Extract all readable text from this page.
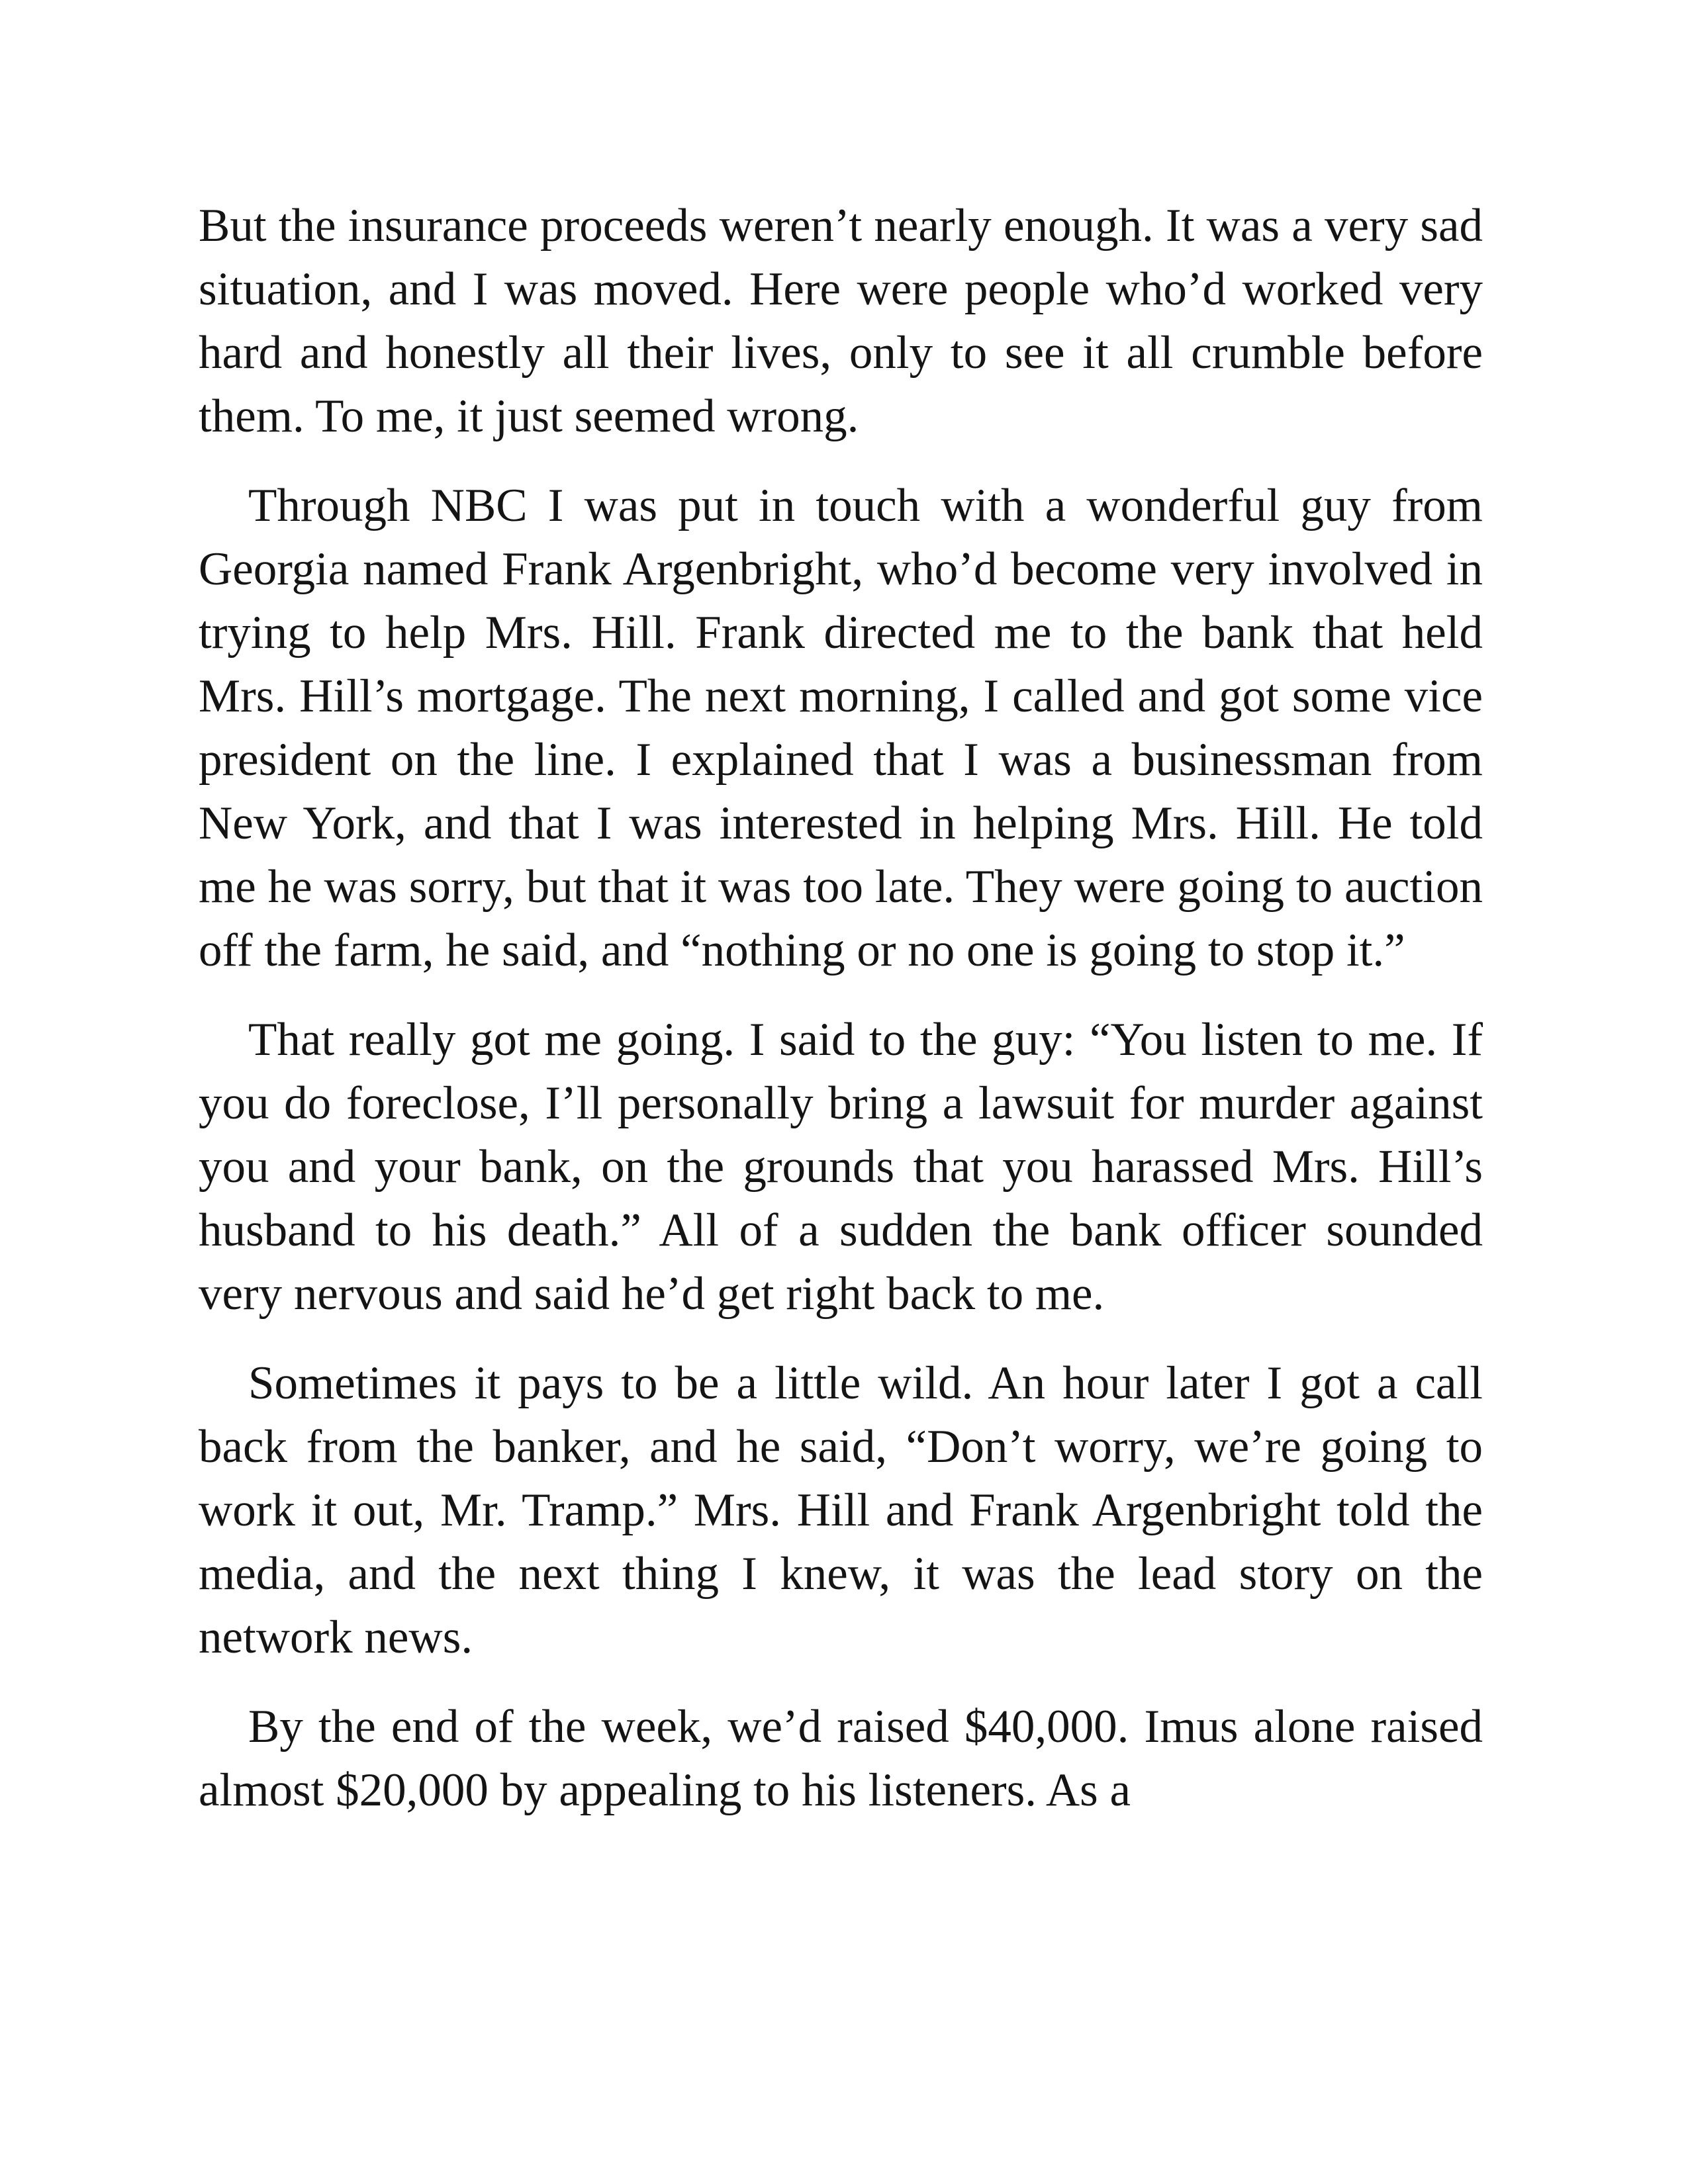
But the insurance proceeds weren’t nearly enough. It was a very sad situation, and I was moved. Here were people who’d worked very hard and honestly all their lives, only to see it all crumble before them. To me, it just seemed wrong.

Through NBC I was put in touch with a wonderful guy from Georgia named Frank Argenbright, who’d become very involved in trying to help Mrs. Hill. Frank directed me to the bank that held Mrs. Hill’s mortgage. The next morning, I called and got some vice president on the line. I explained that I was a businessman from New York, and that I was interested in helping Mrs. Hill. He told me he was sorry, but that it was too late. They were going to auction off the farm, he said, and “nothing or no one is going to stop it.”

That really got me going. I said to the guy: “You listen to me. If you do foreclose, I’ll personally bring a lawsuit for murder against you and your bank, on the grounds that you harassed Mrs. Hill’s husband to his death.” All of a sudden the bank officer sounded very nervous and said he’d get right back to me.

Sometimes it pays to be a little wild. An hour later I got a call back from the banker, and he said, “Don’t worry, we’re going to work it out, Mr. Tramp.” Mrs. Hill and Frank Argenbright told the media, and the next thing I knew, it was the lead story on the network news.

By the end of the week, we’d raised $40,000. Imus alone raised almost $20,000 by appealing to his listeners. As a
